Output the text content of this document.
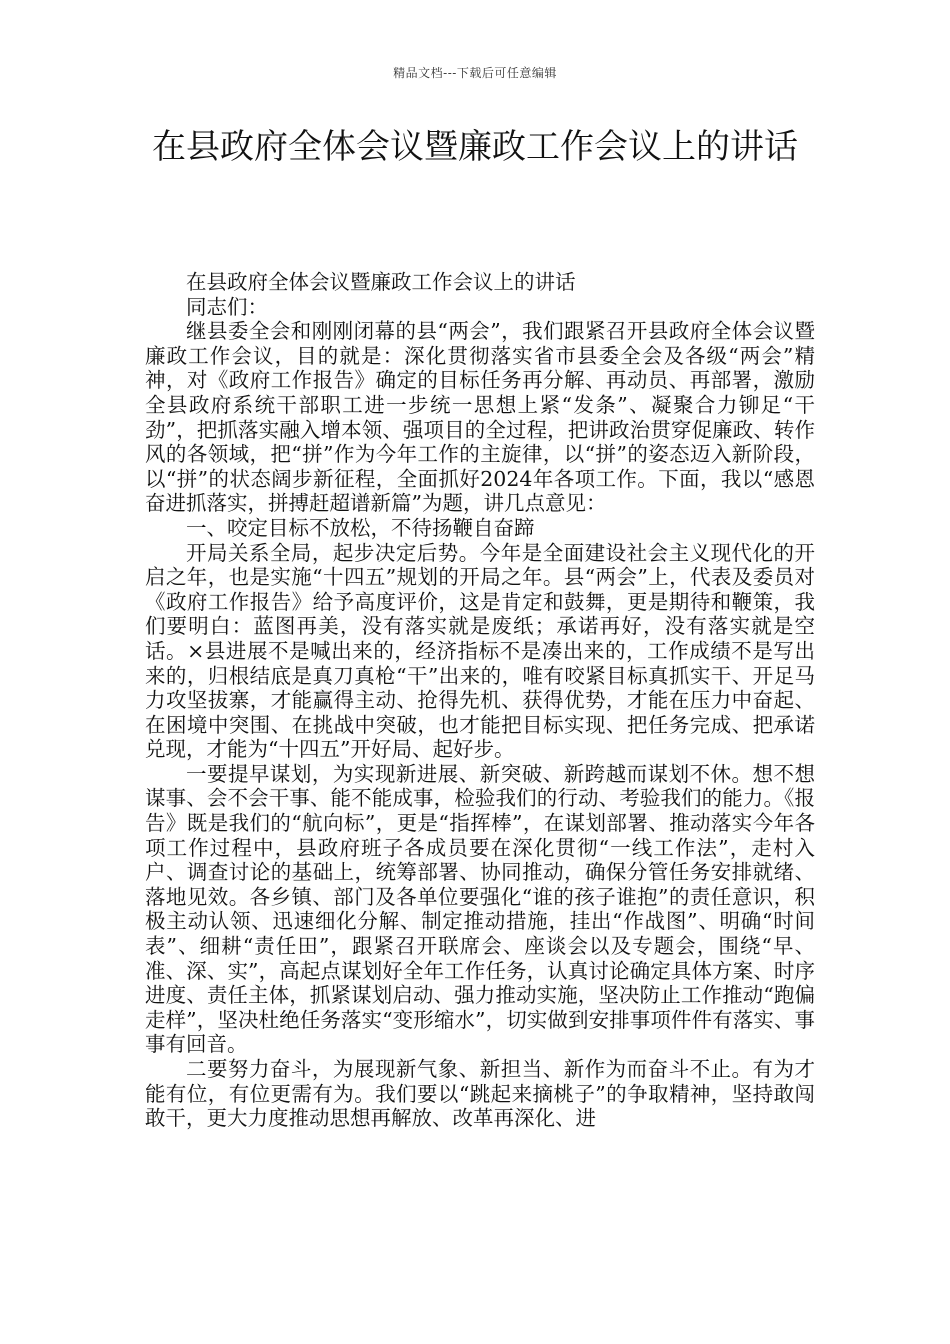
精品文档---下载后可任意编辑
在县政府全体会议暨廉政工作会议上的讲话

在县政府全体会议暨廉政工作会议上的讲话

同志们：

继县委全会和刚刚闭幕的县“两会”，我们跟紧召开县政府全体会议暨廉政工作会议，目的就是：深化贯彻落实省市县委全会及各级“两会”精神，对《政府工作报告》确定的目标任务再分解、再动员、再部署，激励全县政府系统干部职工进一步统一思想上紧“发条”、凝聚合力铆足“干劲”，把抓落实融入增本领、强项目的全过程，把讲政治贯穿促廉政、转作风的各领域，把“拼”作为今年工作的主旋律，以“拼”的姿态迈入新阶段，以“拼”的状态阔步新征程，全面抓好2024年各项工作。下面，我以“感恩奋进抓落实，拼搏赶超谱新篇”为题，讲几点意见：

一、咬定目标不放松，不待扬鞭自奋蹄

开局关系全局，起步决定后势。今年是全面建设社会主义现代化的开启之年，也是实施“十四五”规划的开局之年。县“两会”上，代表及委员对《政府工作报告》给予高度评价，这是肯定和鼓舞，更是期待和鞭策，我们要明白：蓝图再美，没有落实就是废纸；承诺再好，没有落实就是空话。×县进展不是喊出来的，经济指标不是凑出来的，工作成绩不是写出来的，归根结底是真刀真枪“干”出来的，唯有咬紧目标真抓实干、开足马力攻坚拔寨，才能赢得主动、抢得先机、获得优势，才能在压力中奋起、在困境中突围、在挑战中突破，也才能把目标实现、把任务完成、把承诺兑现，才能为“十四五”开好局、起好步。

一要提早谋划，为实现新进展、新突破、新跨越而谋划不休。想不想谋事、会不会干事、能不能成事，检验我们的行动、考验我们的能力。《报告》既是我们的“航向标”，更是“指挥棒”，在谋划部署、推动落实今年各项工作过程中，县政府班子各成员要在深化贯彻“一线工作法”，走村入户、调查讨论的基础上，统筹部署、协同推动，确保分管任务安排就绪、落地见效。各乡镇、部门及各单位要强化“谁的孩子谁抱”的责任意识，积极主动认领、迅速细化分解、制定推动措施，挂出“作战图”、明确“时间表”、细耕“责任田”，跟紧召开联席会、座谈会以及专题会，围绕“早、准、深、实”，高起点谋划好全年工作任务，认真讨论确定具体方案、时序进度、责任主体，抓紧谋划启动、强力推动实施，坚决防止工作推动“跑偏走样”，坚决杜绝任务落实“变形缩水”，切实做到安排事项件件有落实、事事有回音。

二要努力奋斗，为展现新气象、新担当、新作为而奋斗不止。有为才能有位，有位更需有为。我们要以“跳起来摘桃子”的争取精神，坚持敢闯敢干，更大力度推动思想再解放、改革再深化、进
